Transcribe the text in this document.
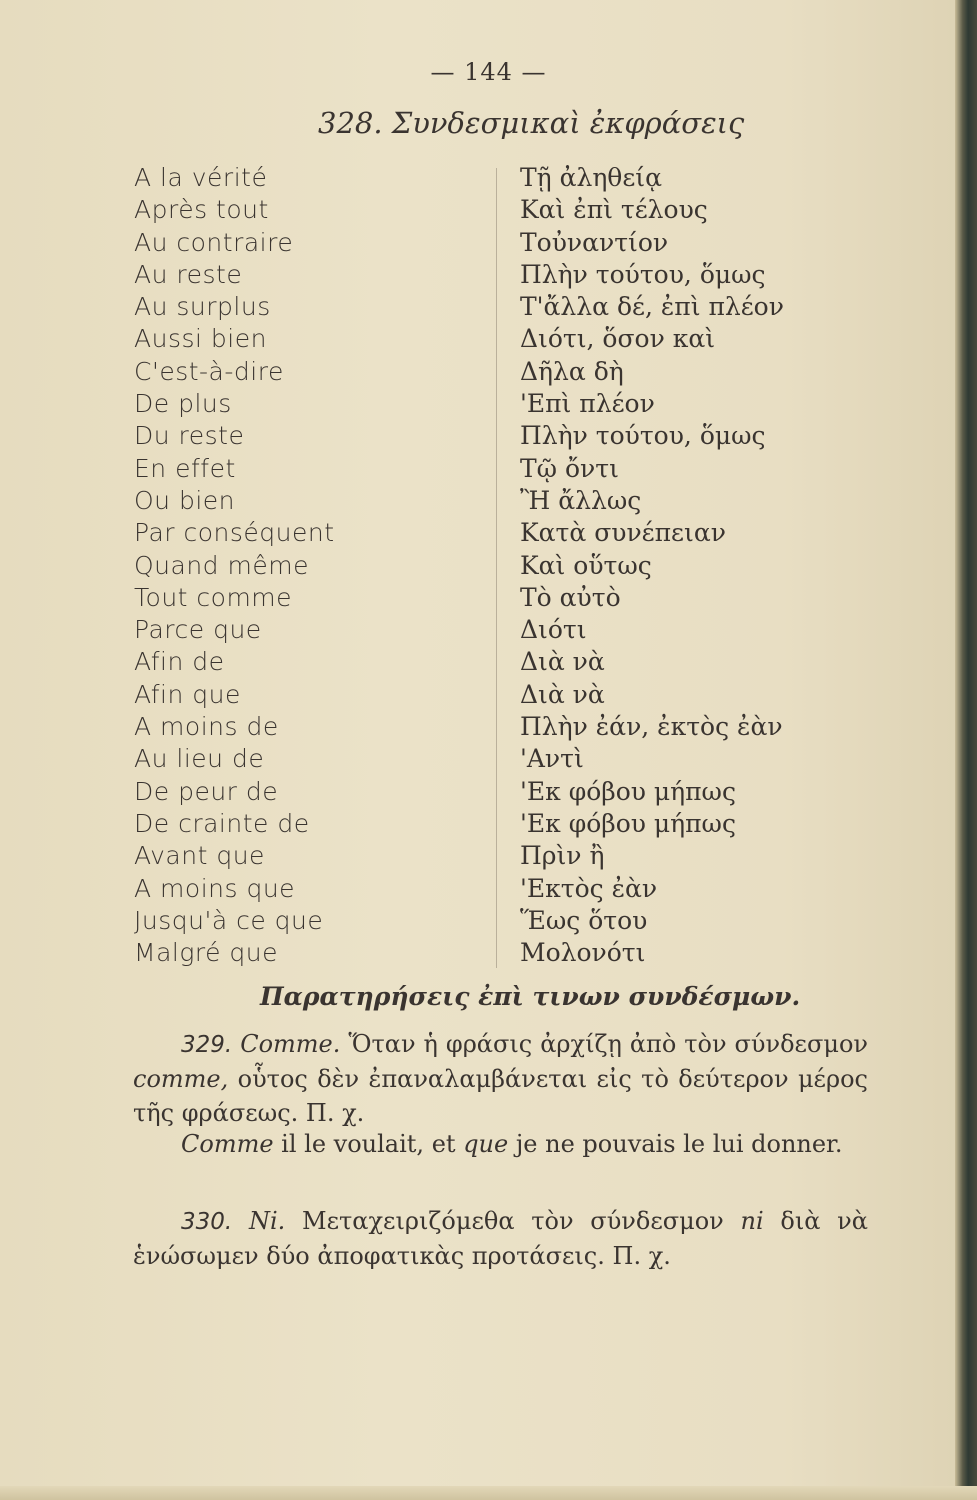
— 144 —
328. Συνδεσμικαὶ ἐκφράσεις
A la vérité
Après tout
Au contraire
Au reste
Au surplus
Aussi bien
C'est-à-dire
De plus
Du reste
En effet
Ou bien
Par conséquent
Quand même
Tout comme
Parce que
Afin de
Afin que
A moins de
Au lieu de
De peur de
De crainte de
Avant que
A moins que
Jusqu'à ce que
Malgré que
Τῇ ἀληθείᾳ
Καὶ ἐπὶ τέλους
Τοὐναντίον
Πλὴν τούτου, ὅμως
Τ'ἄλλα δέ, ἐπὶ πλέον
Διότι, ὅσον καὶ
Δῆλα δὴ
'Επὶ πλέον
Πλὴν τούτου, ὅμως
Τῷ ὄντι
Ἢ ἄλλως
Κατὰ συνέπειαν
Καὶ οὕτως
Τὸ αὐτὸ
Διότι
Διὰ νὰ
Διὰ νὰ
Πλὴν ἐάν, ἐκτὸς ἐὰν
'Αντὶ
'Εκ φόβου μήπως
'Εκ φόβου μήπως
Πρὶν ἢ
'Εκτὸς ἐὰν
Ἕως ὅτου
Μολονότι
Παρατηρήσεις ἐπὶ τινων συνδέσμων.
329. Comme. Ὅταν ἡ φράσις ἀρχίζῃ ἀπὸ τὸν σύνδεσμον comme, οὗτος δὲν ἐπαναλαμβάνεται εἰς τὸ δεύτερον μέρος τῆς φράσεως. Π. χ.
Comme il le voulait, et que je ne pouvais le lui donner.
330. Ni. Μεταχειριζόμεθα τὸν σύνδεσμον ni διὰ νὰ ἑνώσωμεν δύο ἀποφατικὰς προτάσεις. Π. χ.
